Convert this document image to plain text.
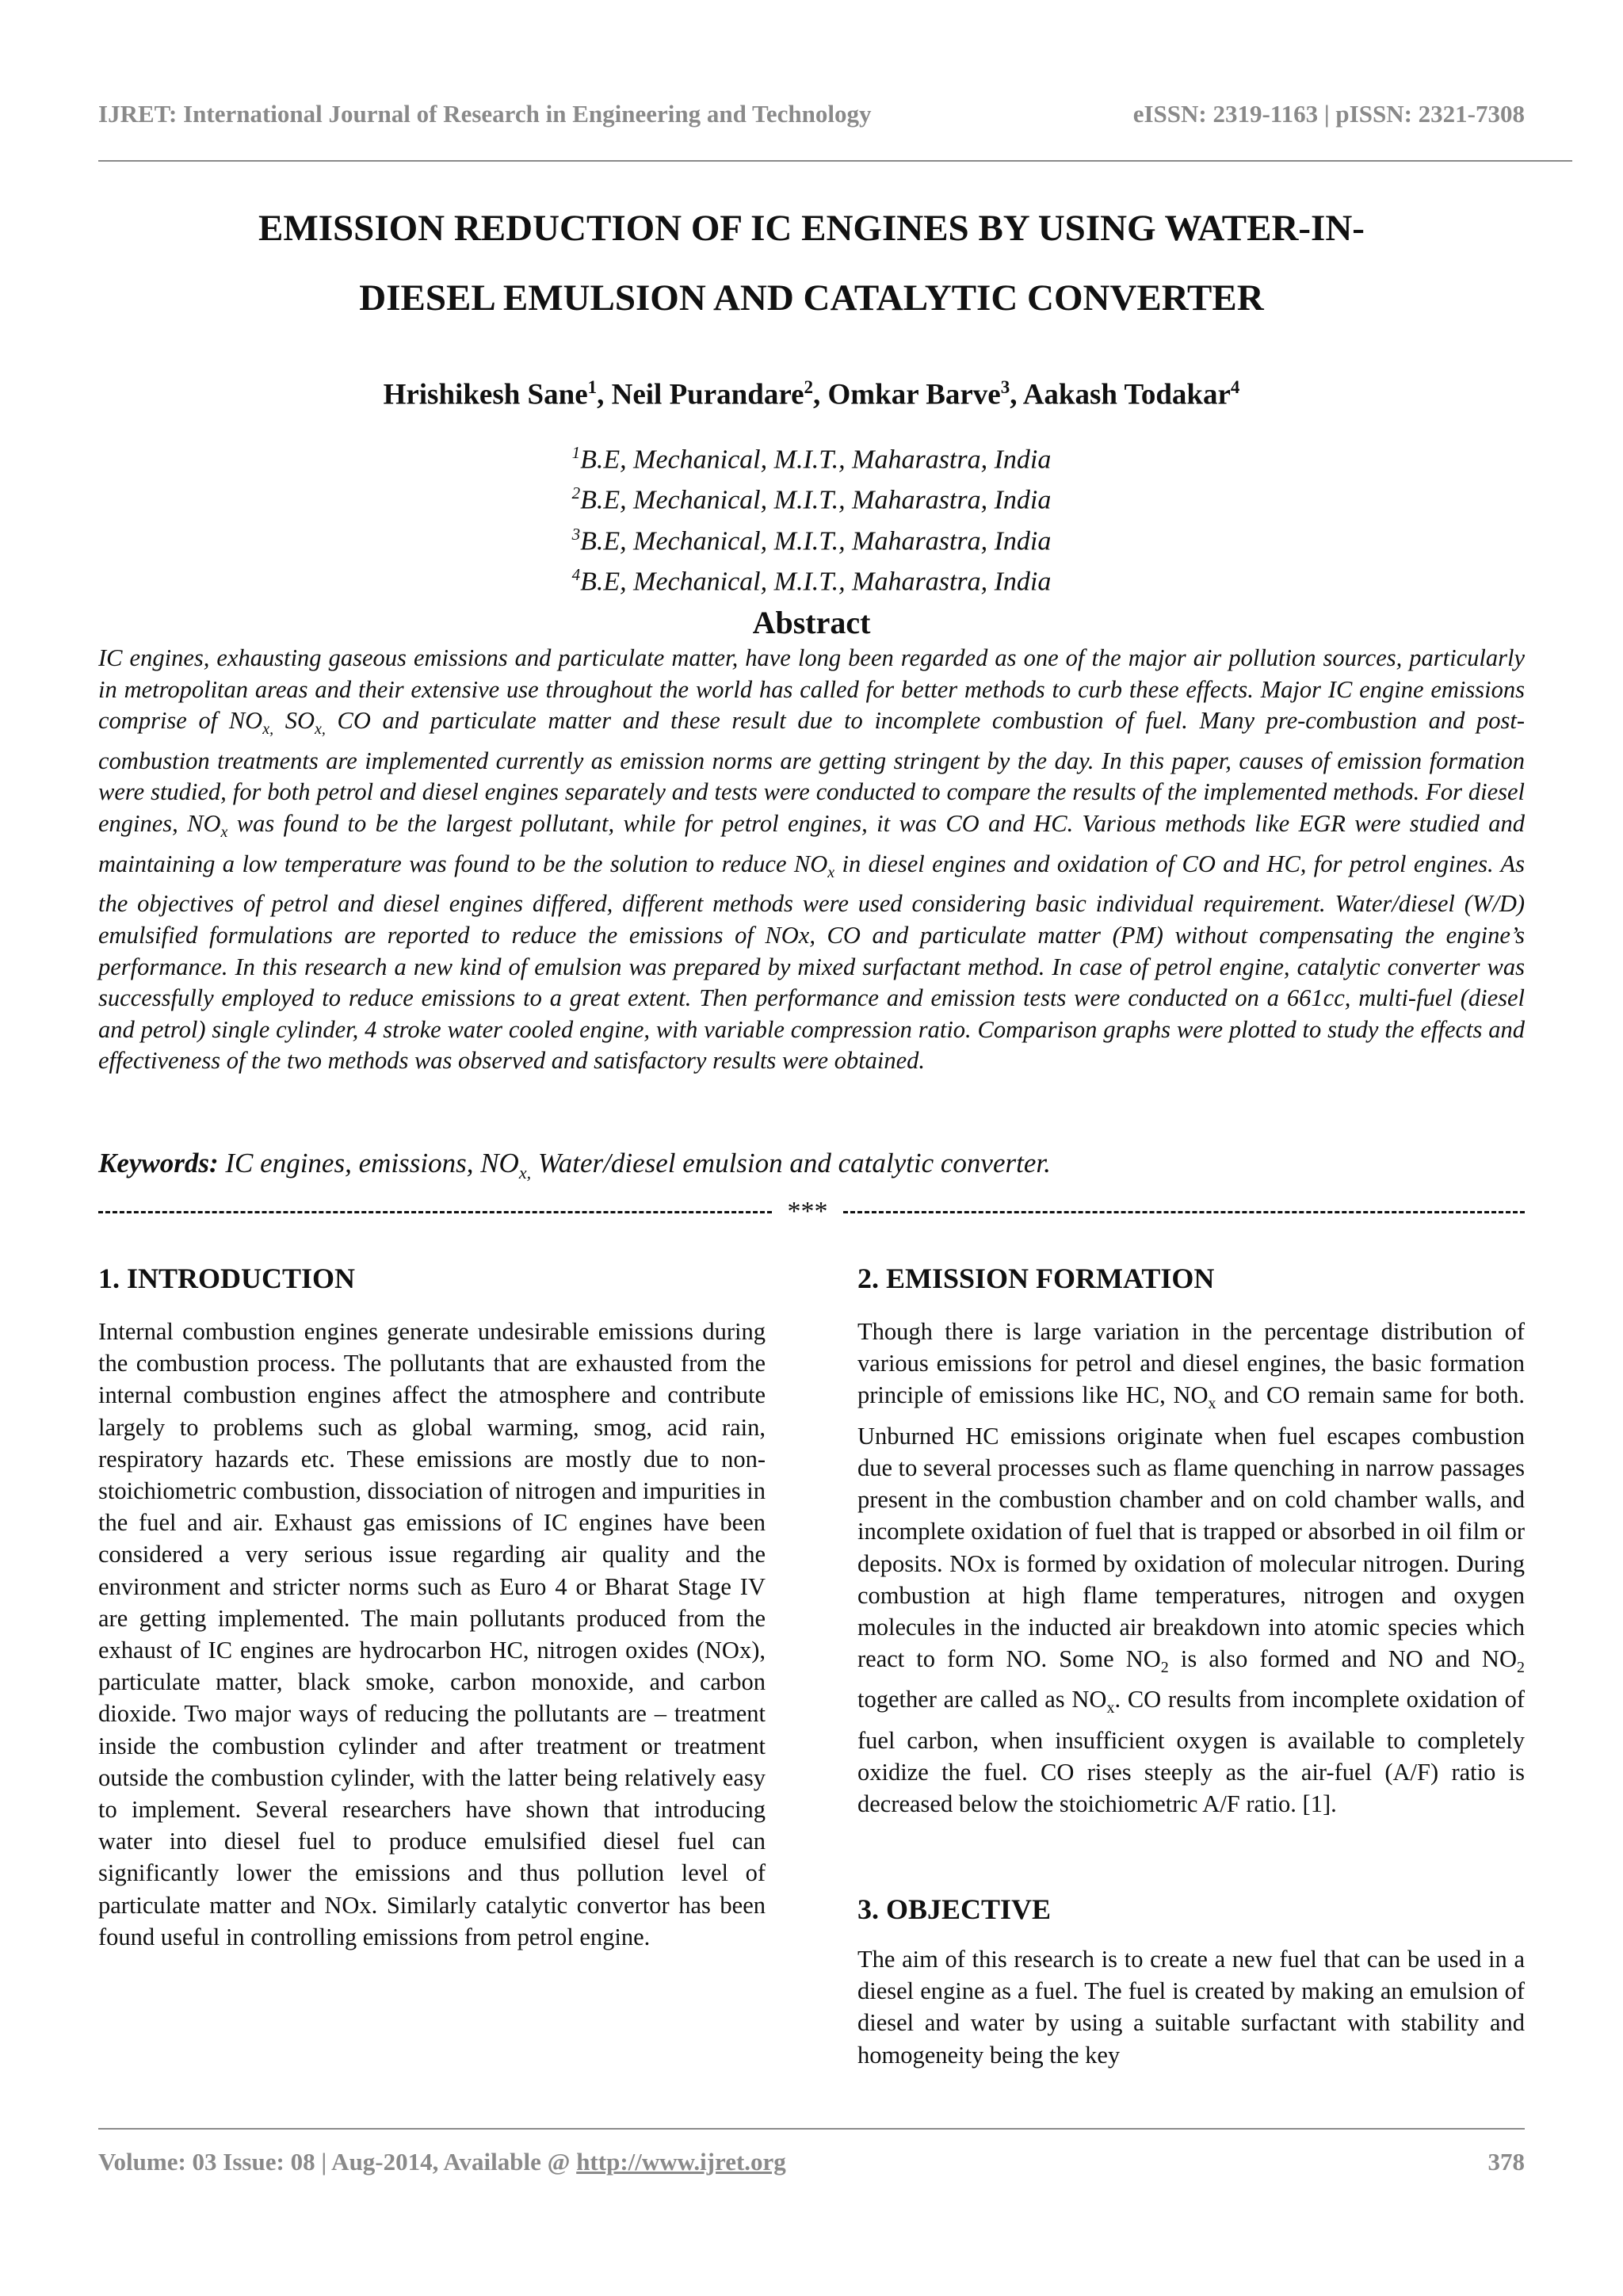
IJRET: International Journal of Research in Engineering and Technology	eISSN: 2319-1163 | pISSN: 2321-7308
EMISSION REDUCTION OF IC ENGINES BY USING WATER-IN-
DIESEL EMULSION AND CATALYTIC CONVERTER
Hrishikesh Sane$^1$, Neil Purandare$^2$, Omkar Barve$^3$, Aakash Todakar$^4$
$^1$B.E, Mechanical, M.I.T., Maharastra, India
$^2$B.E, Mechanical, M.I.T., Maharastra, India
$^3$B.E, Mechanical, M.I.T., Maharastra, India
$^4$B.E, Mechanical, M.I.T., Maharastra, India
Abstract

IC engines, exhausting gaseous emissions and particulate matter, have long been regarded as one of the major air pollution sources, particularly in metropolitan areas and their extensive use throughout the world has called for better methods to curb these effects. Major IC engine emissions comprise of $NO_{x,}$ $SO_{x,}$ CO and particulate matter and these result due to incomplete combustion of fuel. Many pre-combustion and post-combustion treatments are implemented currently as emission norms are getting stringent by the day. In this paper, causes of emission formation were studied, for both petrol and diesel engines separately and tests were conducted to compare the results of the implemented methods. For diesel engines, $NO_x$ was found to be the largest pollutant, while for petrol engines, it was CO and HC. Various methods like EGR were studied and maintaining a low temperature was found to be the solution to reduce $NO_x$ in diesel engines and oxidation of CO and HC, for petrol engines. As the objectives of petrol and diesel engines differed, different methods were used considering basic individual requirement. Water/diesel (W/D) emulsified formulations are reported to reduce the emissions of NOx, CO and particulate matter (PM) without compensating the engine’s performance. In this research a new kind of emulsion was prepared by mixed surfactant method. In case of petrol engine, catalytic converter was successfully employed to reduce emissions to a great extent. Then performance and emission tests were conducted on a 661cc, multi-fuel (diesel and petrol) single cylinder, 4 stroke water cooled engine, with variable compression ratio. Comparison graphs were plotted to study the effects and effectiveness of the two methods was observed and satisfactory results were obtained.

Keywords: IC engines, emissions, $NO_{x,}$ Water/diesel emulsion and catalytic converter.
***
1. INTRODUCTION

Internal combustion engines generate undesirable emissions during the combustion process. The pollutants that are exhausted from the internal combustion engines affect the atmosphere and contribute largely to problems such as global warming, smog, acid rain, respiratory hazards etc. These emissions are mostly due to non-stoichiometric combustion, dissociation of nitrogen and impurities in the fuel and air. Exhaust gas emissions of IC engines have been considered a very serious issue regarding air quality and the environment and stricter norms such as Euro 4 or Bharat Stage IV are getting implemented. The main pollutants produced from the exhaust of IC engines are hydrocarbon HC, nitrogen oxides (NOx), particulate matter, black smoke, carbon monoxide, and carbon dioxide. Two major ways of reducing the pollutants are – treatment inside the combustion cylinder and after treatment or treatment outside the combustion cylinder, with the latter being relatively easy to implement. Several researchers have shown that introducing water into diesel fuel to produce emulsified diesel fuel can significantly lower the emissions and thus pollution level of particulate matter and NOx. Similarly catalytic convertor has been found useful in controlling emissions from petrol engine.

2. EMISSION FORMATION

Though there is large variation in the percentage distribution of various emissions for petrol and diesel engines, the basic formation principle of emissions like HC, $NO_x$ and CO remain same for both. Unburned HC emissions originate when fuel escapes combustion due to several processes such as flame quenching in narrow passages present in the combustion chamber and on cold chamber walls, and incomplete oxidation of fuel that is trapped or absorbed in oil film or deposits. NOx is formed by oxidation of molecular nitrogen. During combustion at high flame temperatures, nitrogen and oxygen molecules in the inducted air breakdown into atomic species which react to form NO. Some $NO_2$ is also formed and NO and $NO_2$ together are called as $NO_x$. CO results from incomplete oxidation of fuel carbon, when insufficient oxygen is available to completely oxidize the fuel. CO rises steeply as the air-fuel (A/F) ratio is decreased below the stoichiometric A/F ratio. [1].

3. OBJECTIVE

The aim of this research is to create a new fuel that can be used in a diesel engine as a fuel. The fuel is created by making an emulsion of diesel and water by using a suitable surfactant with stability and homogeneity being the key

Volume: 03 Issue: 08 | Aug-2014, Available @ http://www.ijret.org	378
